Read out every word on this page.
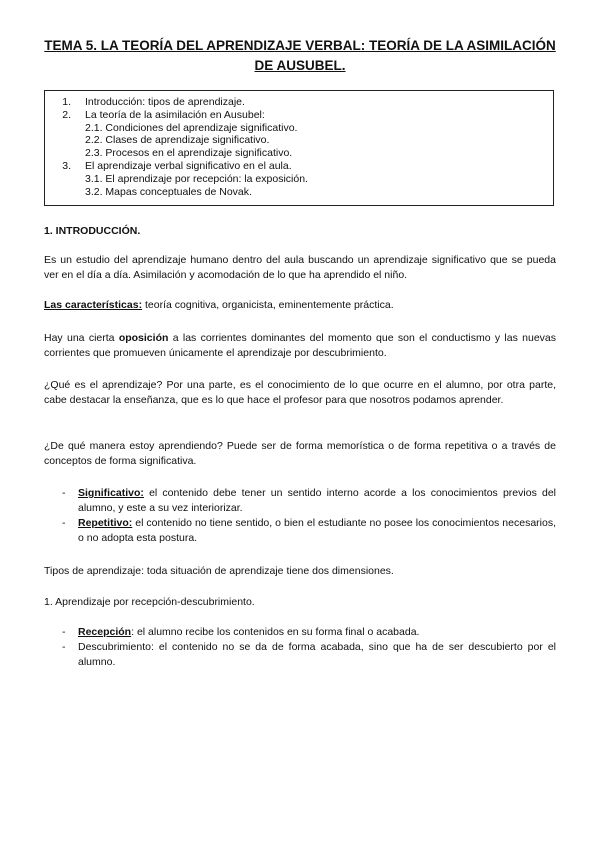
TEMA 5. LA TEORÍA DEL APRENDIZAJE VERBAL: TEORÍA DE LA ASIMILACIÓN DE AUSUBEL.
1. Introducción: tipos de aprendizaje.
2. La teoría de la asimilación en Ausubel:
2.1. Condiciones del aprendizaje significativo.
2.2. Clases de aprendizaje significativo.
2.3. Procesos en el aprendizaje significativo.
3. El aprendizaje verbal significativo en el aula.
3.1. El aprendizaje por recepción: la exposición.
3.2. Mapas conceptuales de Novak.

1. INTRODUCCIÓN.

Es un estudio del aprendizaje humano dentro del aula buscando un aprendizaje significativo que se pueda ver en el día a día. Asimilación y acomodación de lo que ha aprendido el niño.

Las características: teoría cognitiva, organicista, eminentemente práctica.

Hay una cierta oposición a las corrientes dominantes del momento que son el conductismo y las nuevas corrientes que promueven únicamente el aprendizaje por descubrimiento.

¿Qué es el aprendizaje? Por una parte, es el conocimiento de lo que ocurre en el alumno, por otra parte, cabe destacar la enseñanza, que es lo que hace el profesor para que nosotros podamos aprender.

¿De qué manera estoy aprendiendo? Puede ser de forma memorística o de forma repetitiva o a través de conceptos de forma significativa.

-	Significativo: el contenido debe tener un sentido interno acorde a los conocimientos previos del alumno, y este a su vez interiorizar.
-	Repetitivo: el contenido no tiene sentido, o bien el estudiante no posee los conocimientos necesarios, o no adopta esta postura.

Tipos de aprendizaje: toda situación de aprendizaje tiene dos dimensiones.

1. Aprendizaje por recepción-descubrimiento.

-	Recepción: el alumno recibe los contenidos en su forma final o acabada.
-	Descubrimiento: el contenido no se da de forma acabada, sino que ha de ser descubierto por el alumno.
